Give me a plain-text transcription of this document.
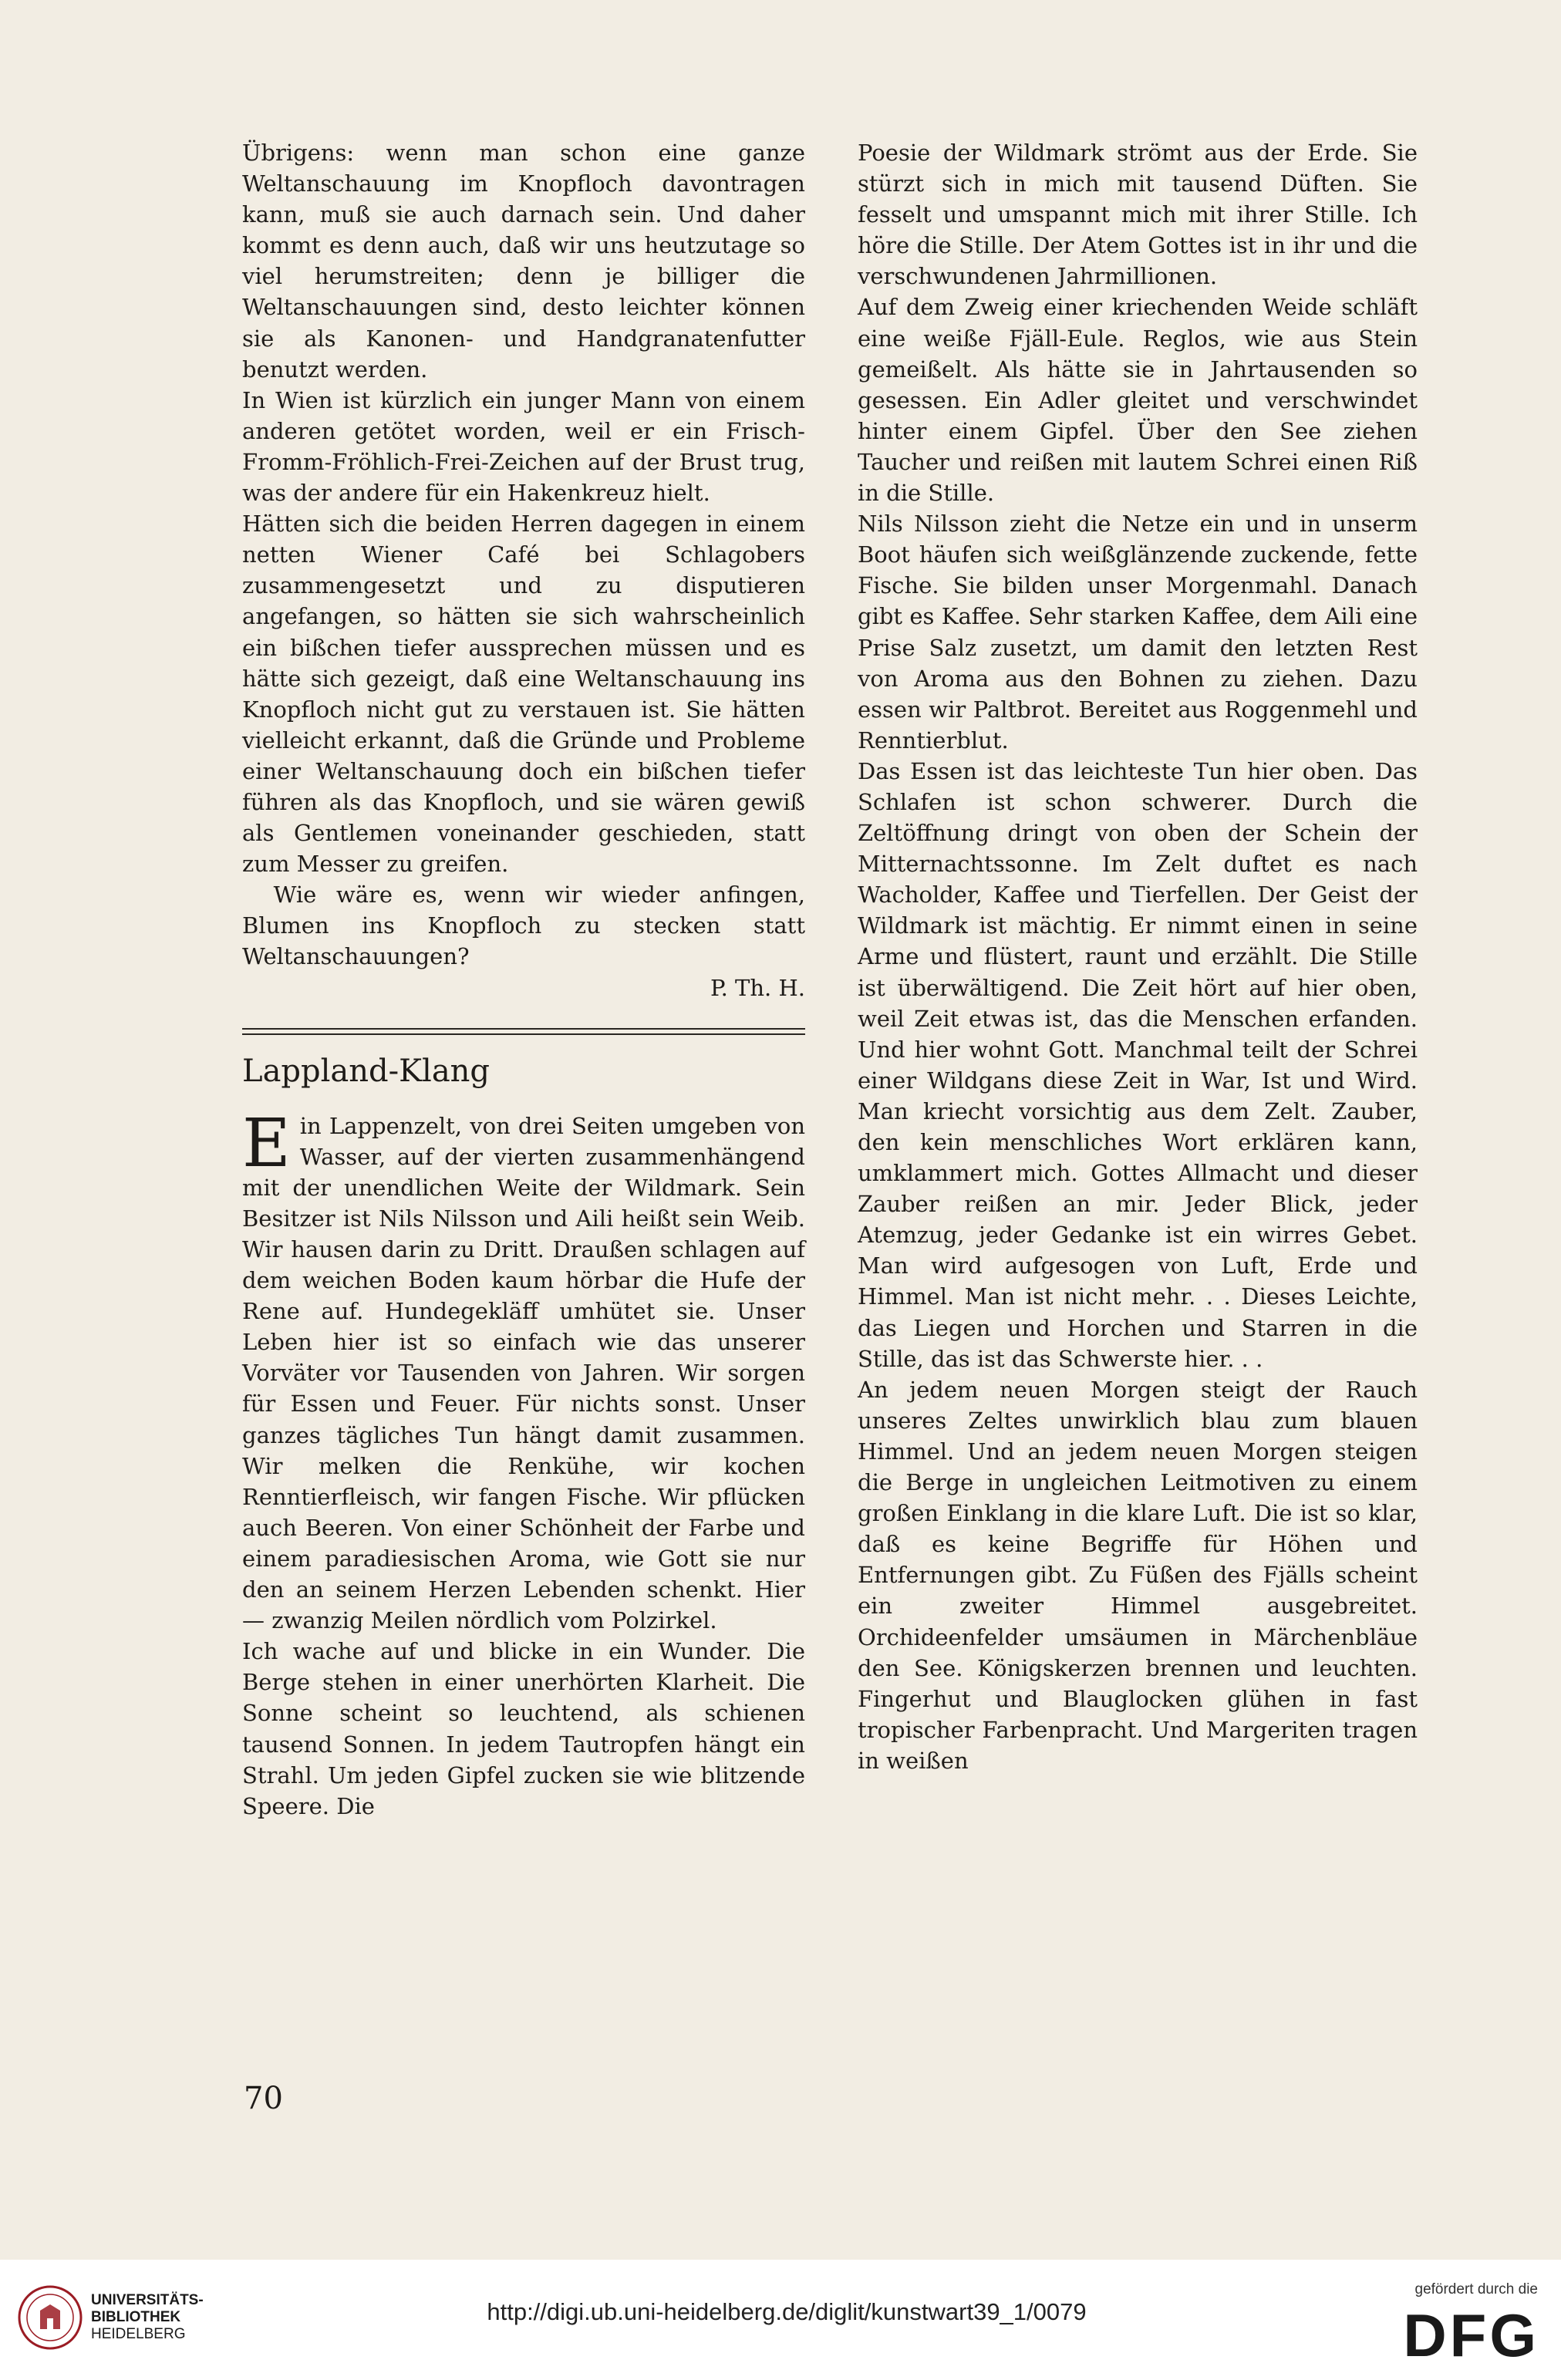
Übrigens: wenn man schon eine ganze Weltanschauung im Knopfloch davontragen kann, muß sie auch darnach sein. Und daher kommt es denn auch, daß wir uns heutzutage so viel herumstreiten; denn je billiger die Weltanschauungen sind, desto leichter können sie als Kanonen- und Handgranatenfutter benutzt werden.

In Wien ist kürzlich ein junger Mann von einem anderen getötet worden, weil er ein Frisch-Fromm-Fröhlich-Frei-Zeichen auf der Brust trug, was der andere für ein Hakenkreuz hielt.

Hätten sich die beiden Herren dagegen in einem netten Wiener Café bei Schlagobers zusammengesetzt und zu disputieren angefangen, so hätten sie sich wahrscheinlich ein bißchen tiefer aussprechen müssen und es hätte sich gezeigt, daß eine Weltanschauung ins Knopfloch nicht gut zu verstauen ist. Sie hätten vielleicht erkannt, daß die Gründe und Probleme einer Weltanschauung doch ein bißchen tiefer führen als das Knopfloch, und sie wären gewiß als Gentlemen voneinander geschieden, statt zum Messer zu greifen.

Wie wäre es, wenn wir wieder anfingen, Blumen ins Knopfloch zu stecken statt Weltanschauungen?

P. Th. H.

Lappland-Klang

Ein Lappenzelt, von drei Seiten umgeben von Wasser, auf der vierten zusammenhängend mit der unendlichen Weite der Wildmark. Sein Besitzer ist Nils Nilsson und Aili heißt sein Weib. Wir hausen darin zu Dritt. Draußen schlagen auf dem weichen Boden kaum hörbar die Hufe der Rene auf. Hundegekläff umhütet sie. Unser Leben hier ist so einfach wie das unserer Vorväter vor Tausenden von Jahren. Wir sorgen für Essen und Feuer. Für nichts sonst. Unser ganzes tägliches Tun hängt damit zusammen. Wir melken die Renkühe, wir kochen Renntierfleisch, wir fangen Fische. Wir pflücken auch Beeren. Von einer Schönheit der Farbe und einem paradiesischen Aroma, wie Gott sie nur den an seinem Herzen Lebenden schenkt. Hier — zwanzig Meilen nördlich vom Polzirkel.

Ich wache auf und blicke in ein Wunder. Die Berge stehen in einer unerhörten Klarheit. Die Sonne scheint so leuchtend, als schienen tausend Sonnen. In jedem Tautropfen hängt ein Strahl. Um jeden Gipfel zucken sie wie blitzende Speere. Die

Poesie der Wildmark strömt aus der Erde. Sie stürzt sich in mich mit tausend Düften. Sie fesselt und umspannt mich mit ihrer Stille. Ich höre die Stille. Der Atem Gottes ist in ihr und die verschwundenen Jahrmillionen.

Auf dem Zweig einer kriechenden Weide schläft eine weiße Fjäll-Eule. Reglos, wie aus Stein gemeißelt. Als hätte sie in Jahrtausenden so gesessen. Ein Adler gleitet und verschwindet hinter einem Gipfel. Über den See ziehen Taucher und reißen mit lautem Schrei einen Riß in die Stille.

Nils Nilsson zieht die Netze ein und in unserm Boot häufen sich weißglänzende zuckende, fette Fische. Sie bilden unser Morgenmahl. Danach gibt es Kaffee. Sehr starken Kaffee, dem Aili eine Prise Salz zusetzt, um damit den letzten Rest von Aroma aus den Bohnen zu ziehen. Dazu essen wir Paltbrot. Bereitet aus Roggenmehl und Renntierblut.

Das Essen ist das leichteste Tun hier oben. Das Schlafen ist schon schwerer. Durch die Zeltöffnung dringt von oben der Schein der Mitternachtssonne. Im Zelt duftet es nach Wacholder, Kaffee und Tierfellen. Der Geist der Wildmark ist mächtig. Er nimmt einen in seine Arme und flüstert, raunt und erzählt. Die Stille ist überwältigend. Die Zeit hört auf hier oben, weil Zeit etwas ist, das die Menschen erfanden. Und hier wohnt Gott. Manchmal teilt der Schrei einer Wildgans diese Zeit in War, Ist und Wird. Man kriecht vorsichtig aus dem Zelt. Zauber, den kein menschliches Wort erklären kann, umklammert mich. Gottes Allmacht und dieser Zauber reißen an mir. Jeder Blick, jeder Atemzug, jeder Gedanke ist ein wirres Gebet. Man wird aufgesogen von Luft, Erde und Himmel. Man ist nicht mehr. . . Dieses Leichte, das Liegen und Horchen und Starren in die Stille, das ist das Schwerste hier. . .

An jedem neuen Morgen steigt der Rauch unseres Zeltes unwirklich blau zum blauen Himmel. Und an jedem neuen Morgen steigen die Berge in ungleichen Leitmotiven zu einem großen Einklang in die klare Luft. Die ist so klar, daß es keine Begriffe für Höhen und Entfernungen gibt. Zu Füßen des Fjälls scheint ein zweiter Himmel ausgebreitet. Orchideenfelder umsäumen in Märchenbläue den See. Königskerzen brennen und leuchten. Fingerhut und Blauglocken glühen in fast tropischer Farbenpracht. Und Margeriten tragen in weißen

70
UNIVERSITÄTS-
BIBLIOTHEK
HEIDELBERG
http://digi.ub.uni-heidelberg.de/diglit/kunstwart39_1/0079
gefördert durch die
DFG
